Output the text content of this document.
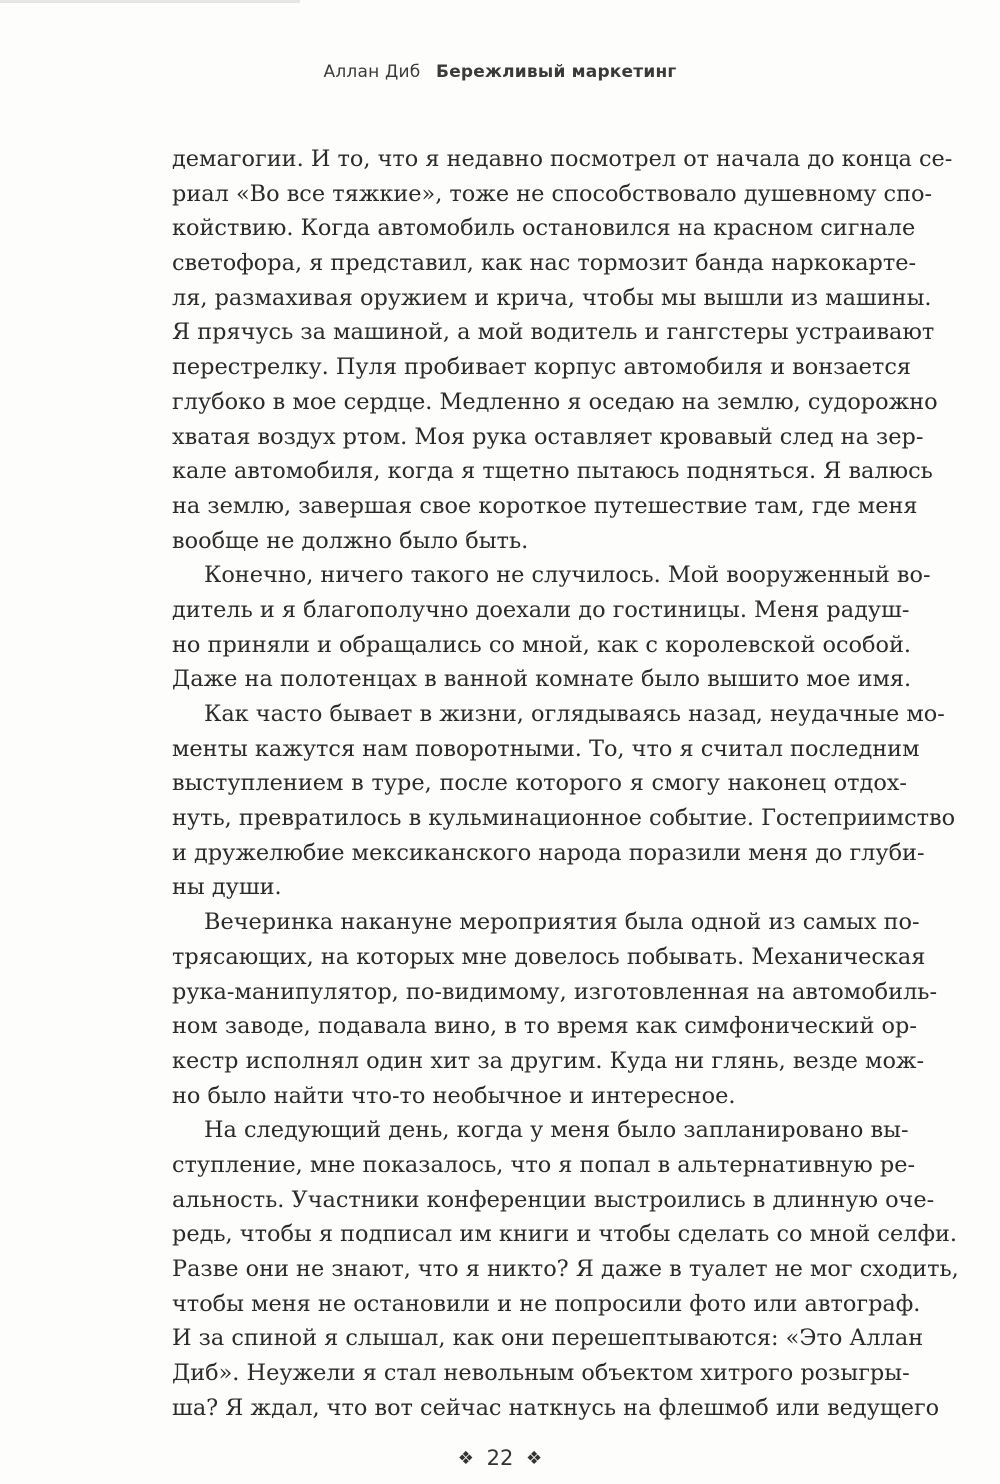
Аллан Диб Бережливый маркетинг
демагогии. И то, что я недавно посмотрел от начала до конца се-
риал «Во все тяжкие», тоже не способствовало душевному спо-
койствию. Когда автомобиль остановился на красном сигнале
светофора, я представил, как нас тормозит банда наркокарте-
ля, размахивая оружием и крича, чтобы мы вышли из машины.
Я прячусь за машиной, а мой водитель и гангстеры устраивают
перестрелку. Пуля пробивает корпус автомобиля и вонзается
глубоко в мое сердце. Медленно я оседаю на землю, судорожно
хватая воздух ртом. Моя рука оставляет кровавый след на зер-
кале автомобиля, когда я тщетно пытаюсь подняться. Я валюсь
на землю, завершая свое короткое путешествие там, где меня
вообще не должно было быть.
Конечно, ничего такого не случилось. Мой вооруженный во-
дитель и я благополучно доехали до гостиницы. Меня радуш-
но приняли и обращались со мной, как с королевской особой.
Даже на полотенцах в ванной комнате было вышито мое имя.
Как часто бывает в жизни, оглядываясь назад, неудачные мо-
менты кажутся нам поворотными. То, что я считал последним
выступлением в туре, после которого я смогу наконец отдох-
нуть, превратилось в кульминационное событие. Гостеприимство
и дружелюбие мексиканского народа поразили меня до глуби-
ны души.
Вечеринка накануне мероприятия была одной из самых по-
трясающих, на которых мне довелось побывать. Механическая
рука-манипулятор, по-видимому, изготовленная на автомобиль-
ном заводе, подавала вино, в то время как симфонический ор-
кестр исполнял один хит за другим. Куда ни глянь, везде мож-
но было найти что-то необычное и интересное.
На следующий день, когда у меня было запланировано вы-
ступление, мне показалось, что я попал в альтернативную ре-
альность. Участники конференции выстроились в длинную оче-
редь, чтобы я подписал им книги и чтобы сделать со мной селфи.
Разве они не знают, что я никто? Я даже в туалет не мог сходить,
чтобы меня не остановили и не попросили фото или автограф.
И за спиной я слышал, как они перешептываются: «Это Аллан
Диб». Неужели я стал невольным объектом хитрого розыгры-
ша? Я ждал, что вот сейчас наткнусь на флешмоб или ведущего
❖ 22 ❖
